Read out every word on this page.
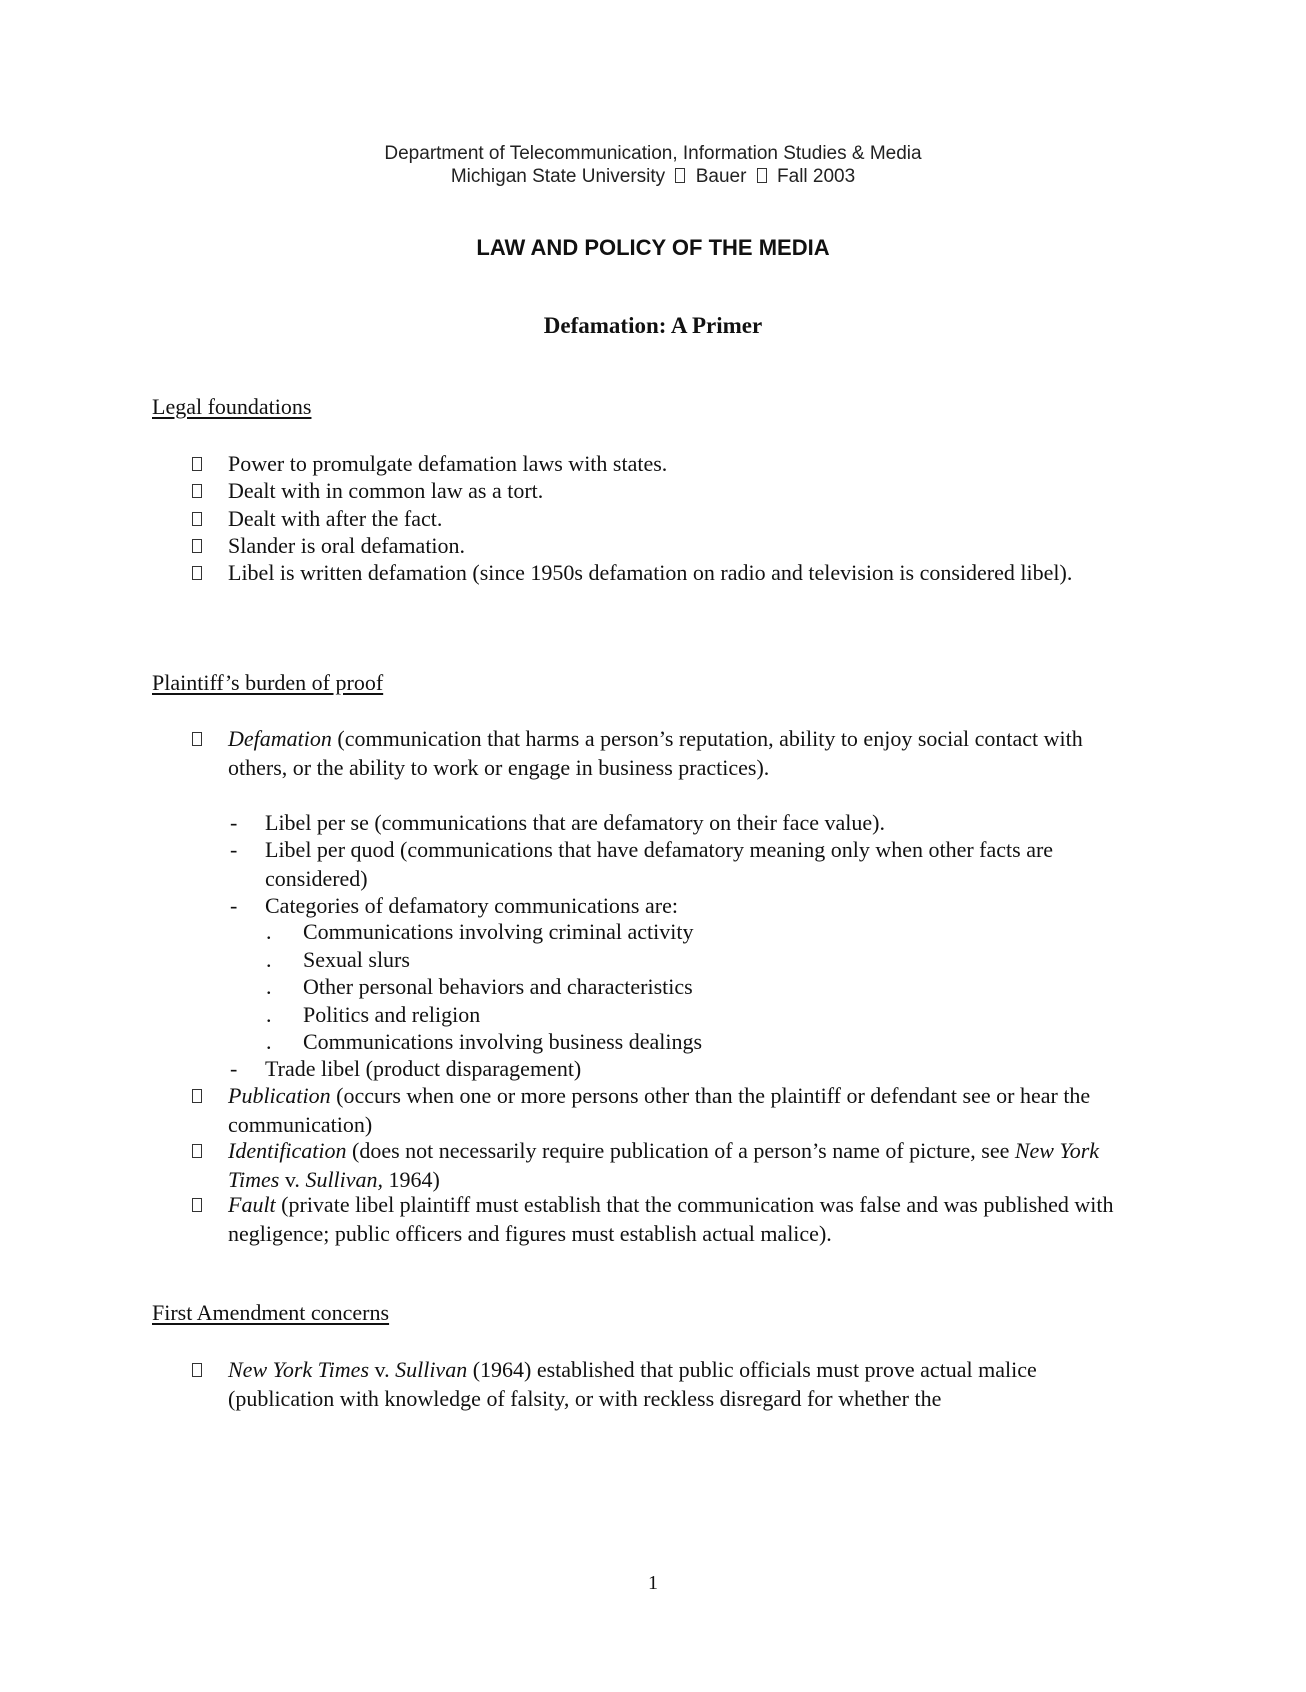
Department of Telecommunication, Information Studies & Media
Michigan State University Bauer Fall 2003
LAW AND POLICY OF THE MEDIA
Defamation: A Primer
Legal foundations
Power to promulgate defamation laws with states.
Dealt with in common law as a tort.
Dealt with after the fact.
Slander is oral defamation.
Libel is written defamation (since 1950s defamation on radio and television is considered libel).
Plaintiff’s burden of proof
Defamation (communication that harms a person’s reputation, ability to enjoy social contact with others, or the ability to work or engage in business practices).
- Libel per se (communications that are defamatory on their face value).
- Libel per quod (communications that have defamatory meaning only when other facts are considered)
- Categories of defamatory communications are:
. Communications involving criminal activity
. Sexual slurs
. Other personal behaviors and characteristics
. Politics and religion
. Communications involving business dealings
- Trade libel (product disparagement)
Publication (occurs when one or more persons other than the plaintiff or defendant see or hear the communication)
Identification (does not necessarily require publication of a person’s name of picture, see New York Times v. Sullivan, 1964)
Fault (private libel plaintiff must establish that the communication was false and was published with negligence; public officers and figures must establish actual malice).
First Amendment concerns
New York Times v. Sullivan (1964) established that public officials must prove actual malice (publication with knowledge of falsity, or with reckless disregard for whether the
1
